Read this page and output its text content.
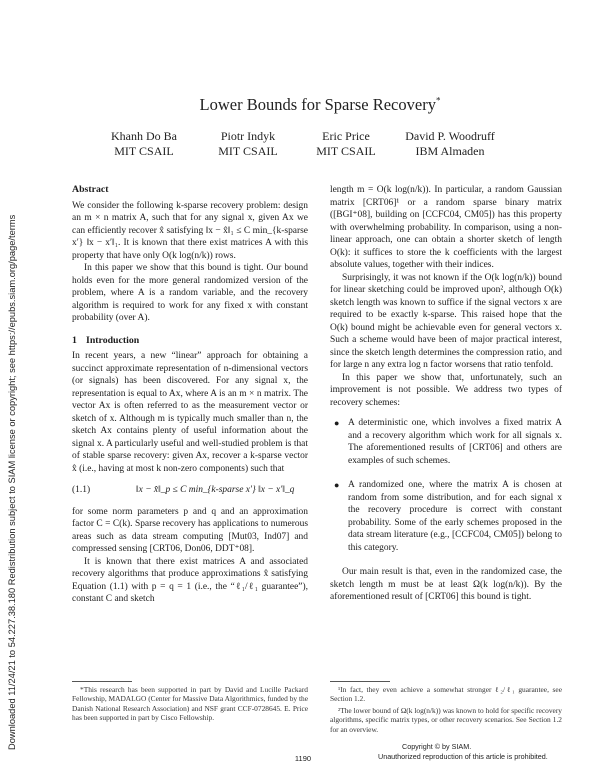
Downloaded 11/24/21 to 54.227.38.180 Redistribution subject to SIAM license or copyright; see https://epubs.siam.org/page/terms
Lower Bounds for Sparse Recovery*
Khanh Do Ba
MIT CSAIL
Piotr Indyk
MIT CSAIL
Eric Price
MIT CSAIL
David P. Woodruff
IBM Almaden
Abstract

We consider the following k-sparse recovery problem: design an m × n matrix A, such that for any signal x, given Ax we can efficiently recover x̂ satisfying ‖x − x̂‖₁ ≤ C min_{k-sparse x′} ‖x − x′‖₁. It is known that there exist matrices A with this property that have only O(k log(n/k)) rows.

In this paper we show that this bound is tight. Our bound holds even for the more general randomized version of the problem, where A is a random variable, and the recovery algorithm is required to work for any fixed x with constant probability (over A).

1 Introduction

In recent years, a new “linear” approach for obtaining a succinct approximate representation of n-dimensional vectors (or signals) has been discovered. For any signal x, the representation is equal to Ax, where A is an m × n matrix. The vector Ax is often referred to as the measurement vector or sketch of x. Although m is typically much smaller than n, the sketch Ax contains plenty of useful information about the signal x. A particularly useful and well-studied problem is that of stable sparse recovery: given Ax, recover a k-sparse vector x̂ (i.e., having at most k non-zero components) such that

(1.1)	‖x − x̂‖_p ≤ C min_{k-sparse x′} ‖x − x′‖_q

for some norm parameters p and q and an approximation factor C = C(k). Sparse recovery has applications to numerous areas such as data stream computing [Mut03, Ind07] and compressed sensing [CRT06, Don06, DDT⁺08].

It is known that there exist matrices A and associated recovery algorithms that produce approximations x̂ satisfying Equation (1.1) with p = q = 1 (i.e., the “ℓ₁/ℓ₁ guarantee”), constant C and sketch

length m = O(k log(n/k)). In particular, a random Gaussian matrix [CRT06]¹ or a random sparse binary matrix ([BGI⁺08], building on [CCFC04, CM05]) has this property with overwhelming probability. In comparison, using a non-linear approach, one can obtain a shorter sketch of length O(k): it suffices to store the k coefficients with the largest absolute values, together with their indices.

Surprisingly, it was not known if the O(k log(n/k)) bound for linear sketching could be improved upon², although O(k) sketch length was known to suffice if the signal vectors x are required to be exactly k-sparse. This raised hope that the O(k) bound might be achievable even for general vectors x. Such a scheme would have been of major practical interest, since the sketch length determines the compression ratio, and for large n any extra log n factor worsens that ratio tenfold.

In this paper we show that, unfortunately, such an improvement is not possible. We address two types of recovery schemes:

● A deterministic one, which involves a fixed matrix A and a recovery algorithm which work for all signals x. The aforementioned results of [CRT06] and others are examples of such schemes.
● A randomized one, where the matrix A is chosen at random from some distribution, and for each signal x the recovery procedure is correct with constant probability. Some of the early schemes proposed in the data stream literature (e.g., [CCFC04, CM05]) belong to this category.

Our main result is that, even in the randomized case, the sketch length m must be at least Ω(k log(n/k)). By the aforementioned result of [CRT06] this bound is tight.

*This research has been supported in part by David and Lucille Packard Fellowship, MADALGO (Center for Massive Data Algorithmics, funded by the Danish National Research Association) and NSF grant CCF-0728645. E. Price has been supported in part by Cisco Fellowship.

¹In fact, they even achieve a somewhat stronger ℓ₂/ℓ₁ guarantee, see Section 1.2.

²The lower bound of Ω(k log(n/k)) was known to hold for specific recovery algorithms, specific matrix types, or other recovery scenarios. See Section 1.2 for an overview.

1190
Copyright © by SIAM.
Unauthorized reproduction of this article is prohibited.
